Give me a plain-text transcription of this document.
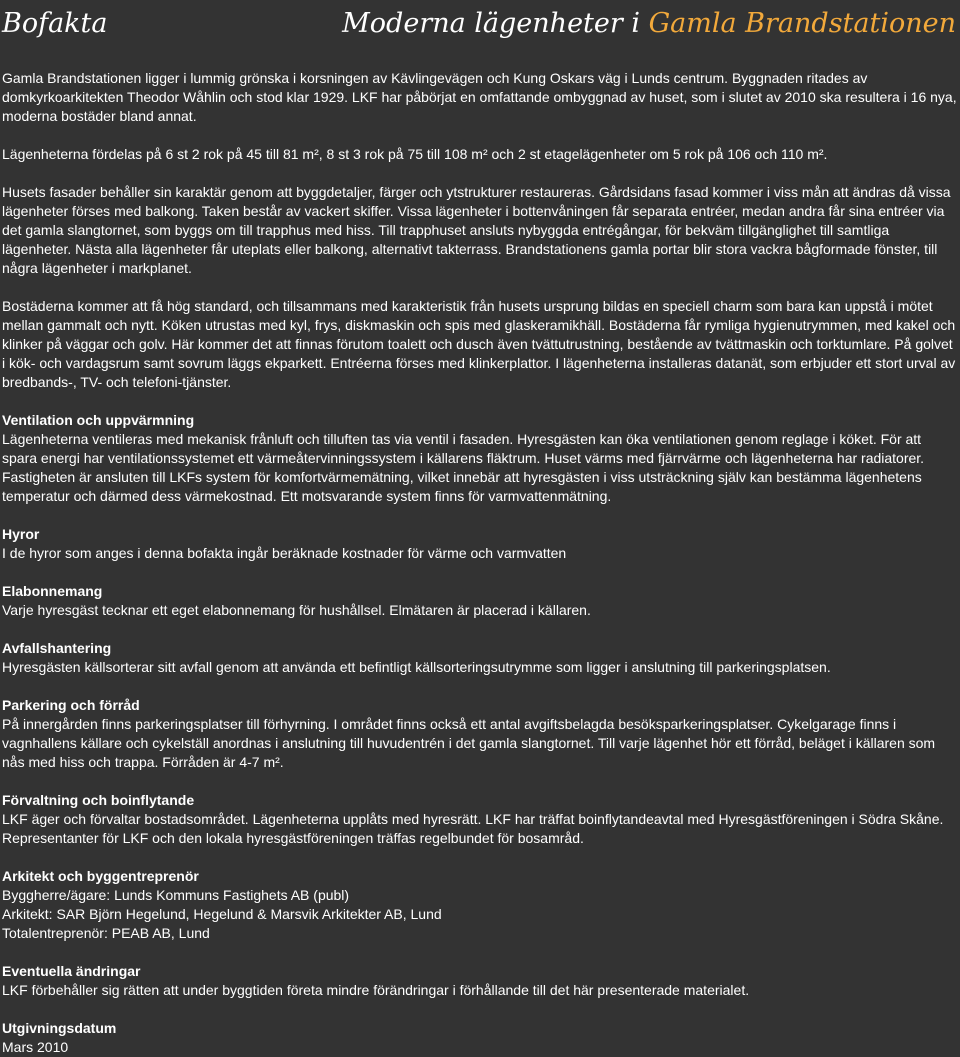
Bofakta	Moderna lägenheter i Gamla Brandstationen

Gamla Brandstationen ligger i lummig grönska i korsningen av Kävlingevägen och Kung Oskars väg i Lunds centrum. Byggnaden ritades av domkyrkoarkitekten Theodor Wåhlin och stod klar 1929. LKF har påbörjat en omfattande ombyggnad av huset, som i slutet av 2010 ska resultera i 16 nya, moderna bostäder bland annat.

Lägenheterna fördelas på 6 st 2 rok på 45 till 81 m², 8 st 3 rok på 75 till 108 m² och 2 st etagelägenheter om 5 rok på 106 och 110 m².

Husets fasader behåller sin karaktär genom att byggdetaljer, färger och ytstrukturer restaureras. Gårdsidans fasad kommer i viss mån att ändras då vissa lägenheter förses med balkong. Taken består av vackert skiffer. Vissa lägenheter i bottenvåningen får separata entréer, medan andra får sina entréer via det gamla slangtornet, som byggs om till trapphus med hiss. Till trapphuset ansluts nybyggda entrégångar, för bekväm tillgänglighet till samtliga lägenheter. Nästa alla lägenheter får uteplats eller balkong, alternativt takterrass. Brandstationens gamla portar blir stora vackra bågformade fönster, till några lägenheter i markplanet.

Bostäderna kommer att få hög standard, och tillsammans med karakteristik från husets ursprung bildas en speciell charm som bara kan uppstå i mötet mellan gammalt och nytt. Köken utrustas med kyl, frys, diskmaskin och spis med glaskeramikhäll. Bostäderna får rymliga hygienutrymmen, med kakel och klinker på väggar och golv. Här kommer det att finnas förutom toalett och dusch även tvättutrustning, bestående av tvättmaskin och torktumlare. På golvet i kök- och vardagsrum samt sovrum läggs ekparkett. Entréerna förses med klinkerplattor. I lägenheterna installeras datanät, som erbjuder ett stort urval av bredbands-, TV- och telefoni-tjänster.

Ventilation och uppvärmning

Lägenheterna ventileras med mekanisk frånluft och tilluften tas via ventil i fasaden. Hyresgästen kan öka ventilationen genom reglage i köket. För att spara energi har ventilationssystemet ett värmeåtervinningssystem i källarens fläktrum. Huset värms med fjärrvärme och lägenheterna har radiatorer. Fastigheten är ansluten till LKFs system för komfortvärmemätning, vilket innebär att hyresgästen i viss utsträckning själv kan bestämma lägenhetens temperatur och därmed dess värmekostnad. Ett motsvarande system finns för varmvattenmätning.

Hyror

I de hyror som anges i denna bofakta ingår beräknade kostnader för värme och varmvatten

Elabonnemang

Varje hyresgäst tecknar ett eget elabonnemang för hushållsel. Elmätaren är placerad i källaren.

Avfallshantering

Hyresgästen källsorterar sitt avfall genom att använda ett befintligt källsorteringsutrymme som ligger i anslutning till parkeringsplatsen.

Parkering och förråd

På innergården finns parkeringsplatser till förhyrning. I området finns också ett antal avgiftsbelagda besöksparkeringsplatser. Cykelgarage finns i vagnhallens källare och cykelställ anordnas i anslutning till huvudentrén i det gamla slangtornet. Till varje lägenhet hör ett förråd, beläget i källaren som nås med hiss och trappa. Förråden är 4-7 m².

Förvaltning och boinflytande

LKF äger och förvaltar bostadsområdet. Lägenheterna upplåts med hyresrätt. LKF har träffat boinflytandeavtal med Hyresgästföreningen i Södra Skåne. Representanter för LKF och den lokala hyresgästföreningen träffas regelbundet för bosamråd.

Arkitekt och byggentreprenör

Byggherre/ägare: Lunds Kommuns Fastighets AB (publ)

Arkitekt: SAR Björn Hegelund, Hegelund & Marsvik Arkitekter AB, Lund

Totalentreprenör: PEAB AB, Lund

Eventuella ändringar

LKF förbehåller sig rätten att under byggtiden företa mindre förändringar i förhållande till det här presenterade materialet.

Utgivningsdatum

Mars 2010
